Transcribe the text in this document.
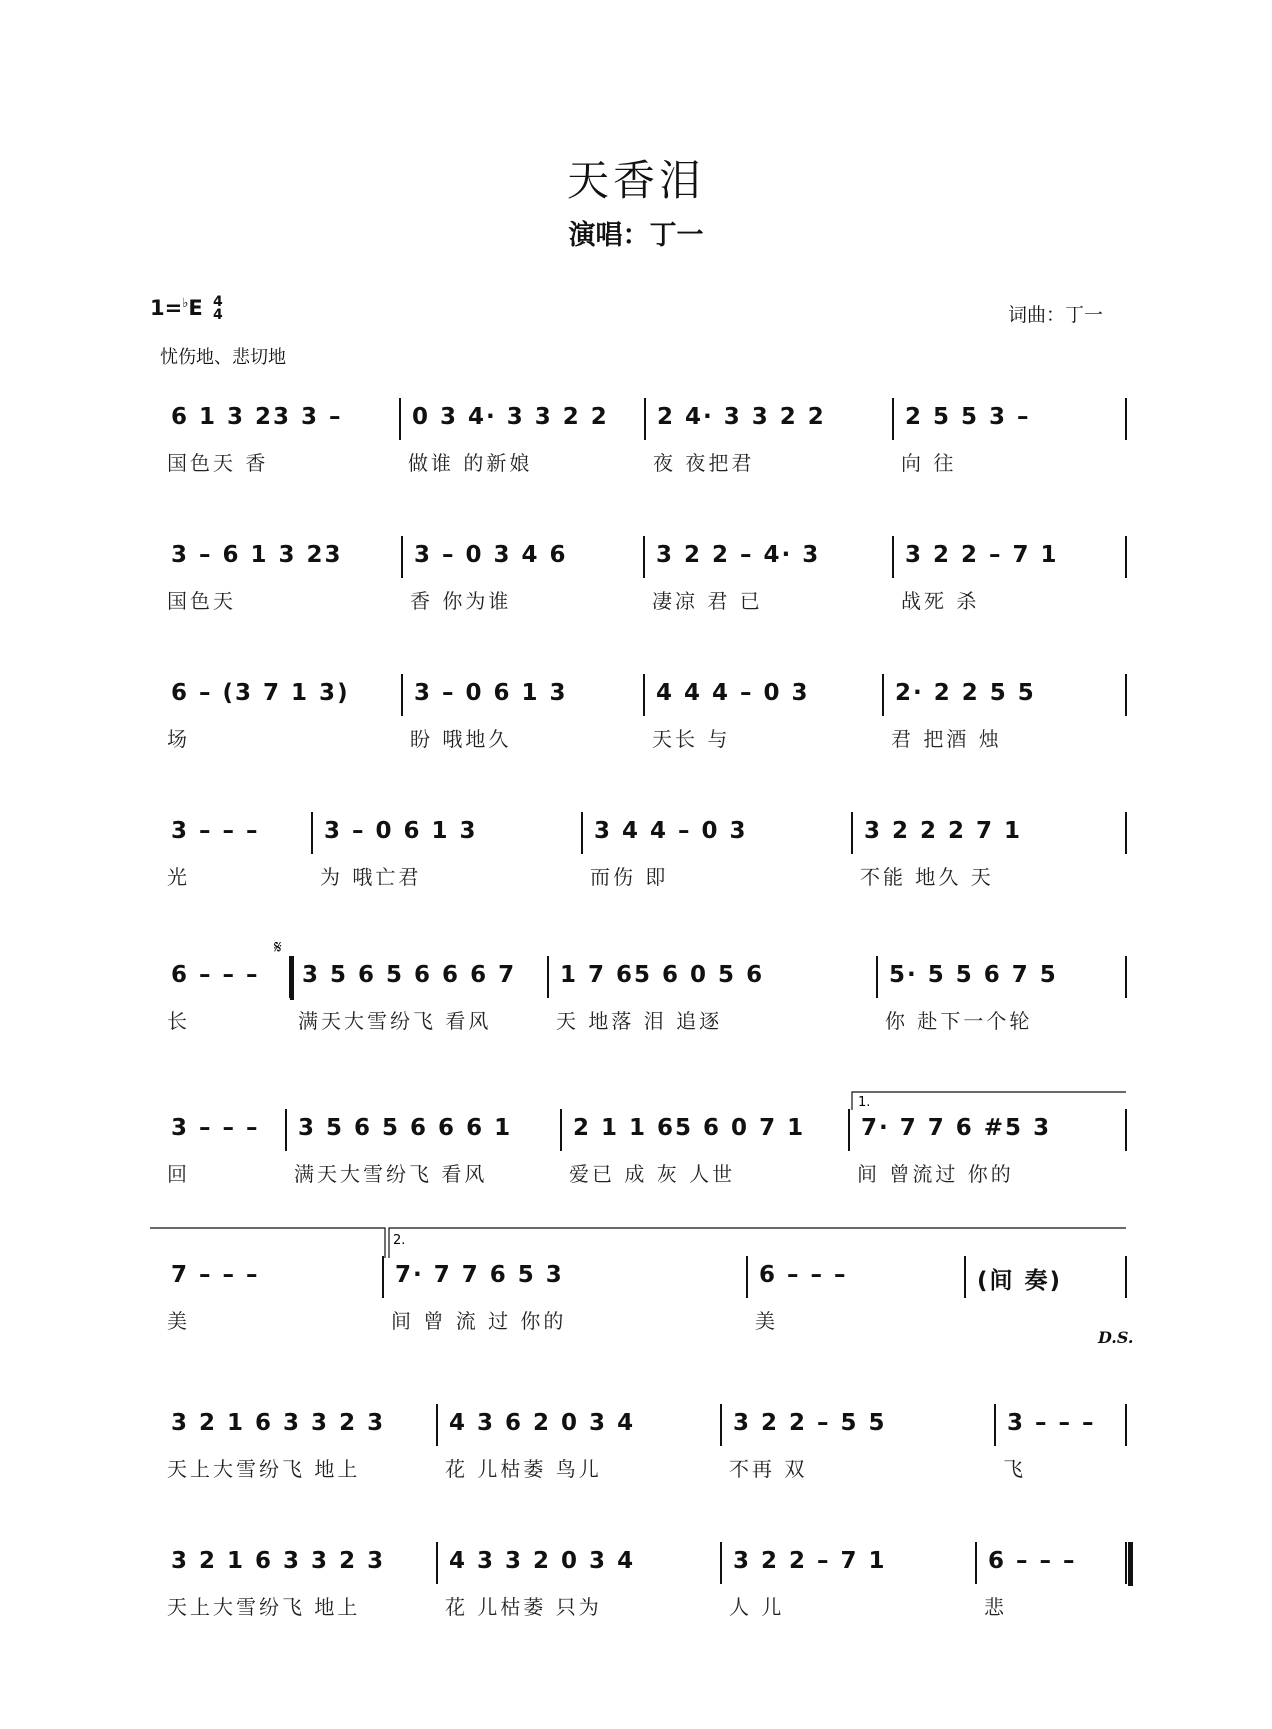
天香泪
演唱：丁一
1=♭E 4
4	词曲：丁一
忧伤地、悲切地
𝄋
1.
2.
6 1 3 23 3 –
国色天 香
0 3 4· 3 3 2 2
做谁 的新娘
2 4· 3 3 2 2
夜 夜把君
2 5 5 3 –
向 往
3 – 6 1 3 23
国色天
3 – 0 3 4 6
香 你为谁
3 2 2 – 4· 3
凄凉 君 已
3 2 2 – 7 1
战死 杀
6 – (3 7 1 3)
场
3 – 0 6 1 3
盼 哦地久
4 4 4 – 0 3
天长 与
2· 2 2 5 5
君 把酒 烛
3 – – –
光
3 – 0 6 1 3
为 哦亡君
3 4 4 – 0 3
而伤 即
3 2 2 2 7 1
不能 地久 天
6 – – –
长
3 5 6 5 6 6 6 7
满天大雪纷飞 看风
1 7 65 6 0 5 6
天 地落 泪 追逐
5· 5 5 6 7 5
你 赴下一个轮
3 – – –
回
3 5 6 5 6 6 6 1
满天大雪纷飞 看风
2 1 1 65 6 0 7 1
爱已 成 灰 人世
7· 7 7 6 #5 3
间 曾流过 你的
7 – – –
美
7· 7 7 6 5 3
间 曾 流 过 你的
6 – – –
美
(间 奏)
3 2 1 6 3 3 2 3
天上大雪纷飞 地上
4 3 6 2 0 3 4
花 儿枯萎 鸟儿
3 2 2 – 5 5
不再 双
3 – – –
飞
3 2 1 6 3 3 2 3
天上大雪纷飞 地上
4 3 3 2 0 3 4
花 儿枯萎 只为
3 2 2 – 7 1
人 儿
6 – – –
悲
D.S.
